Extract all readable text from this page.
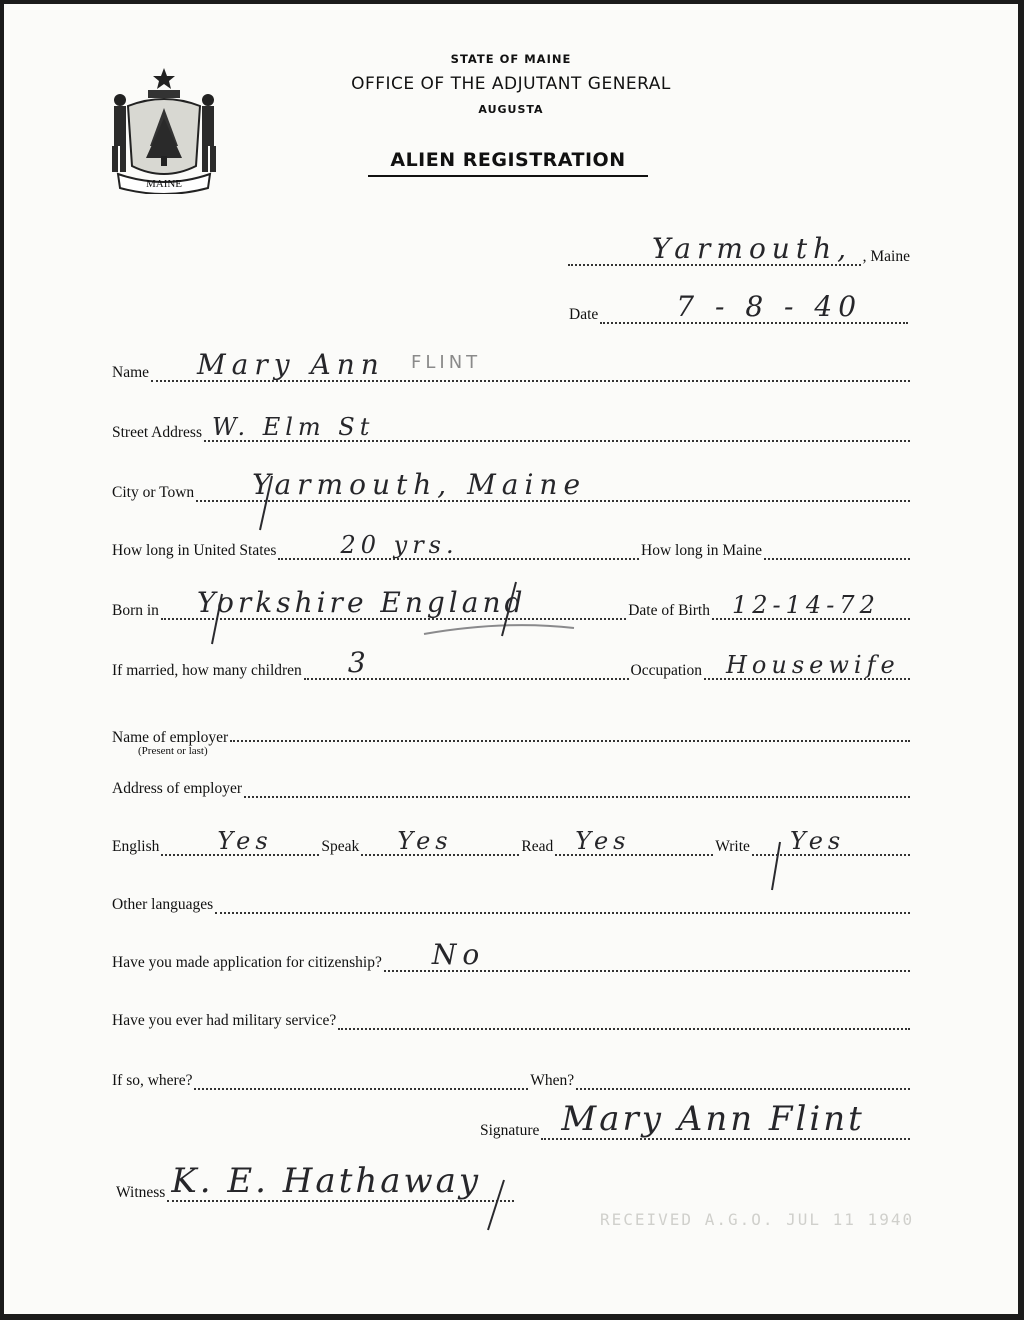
MAINE
STATE OF MAINE
OFFICE OF THE ADJUTANT GENERAL
AUGUSTA
ALIEN REGISTRATION
Yarmouth, , Maine
Date	7 - 8 - 40
Name Mary Ann FLINT
Street Address W. Elm St
City or Town Yarmouth, Maine
How long in United States	20 yrs.	How long in Maine
Born in Yorkshire England	Date of Birth 12-14-72
If married, how many children 3	Occupation Housewife
Name of employer
(Present or last)
Address of employer
English Yes	Speak Yes	Read Yes	Write Yes
Other languages
Have you made application for citizenship? No
Have you ever had military service?
If so, where?	When?
Signature Mary Ann Flint
Witness K. E. Hathaway
RECEIVED A.G.O. JUL 11 1940
